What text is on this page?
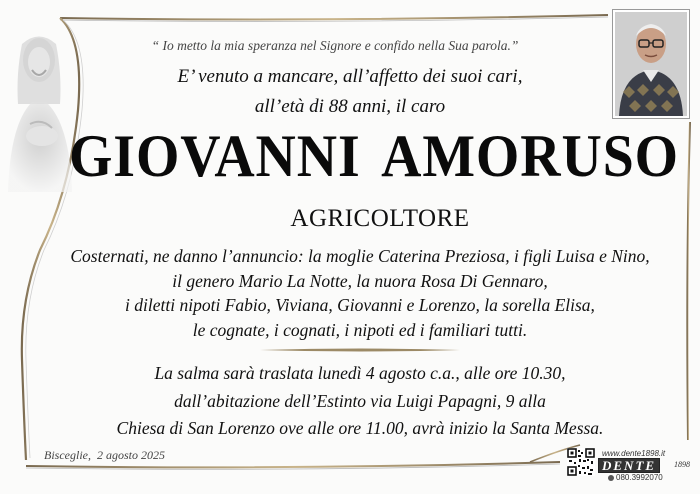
“ Io metto la mia speranza nel Signore e confido nella Sua parola.”

E’ venuto a mancare, all’affetto dei suoi cari,

all’età di 88 anni, il caro

GIOVANNI AMORUSO

AGRICOLTORE

Costernati, ne danno l’annuncio: la moglie Caterina Preziosa, i figli Luisa e Nino,
il genero Mario La Notte, la nuora Rosa Di Gennaro,
i diletti nipoti Fabio, Viviana, Giovanni e Lorenzo, la sorella Elisa,
le cognate, i cognati, i nipoti ed i familiari tutti.

La salma sarà traslata lunedì 4 agosto c.a., alle ore 10.30,
dall’abitazione dell’Estinto via Luigi Papagni, 9 alla
Chiesa di San Lorenzo ove alle ore 11.00, avrà inizio la Santa Messa.

Bisceglie, 2 agosto 2025	www.dente1898.it
DENTE	1898
080.3992070
